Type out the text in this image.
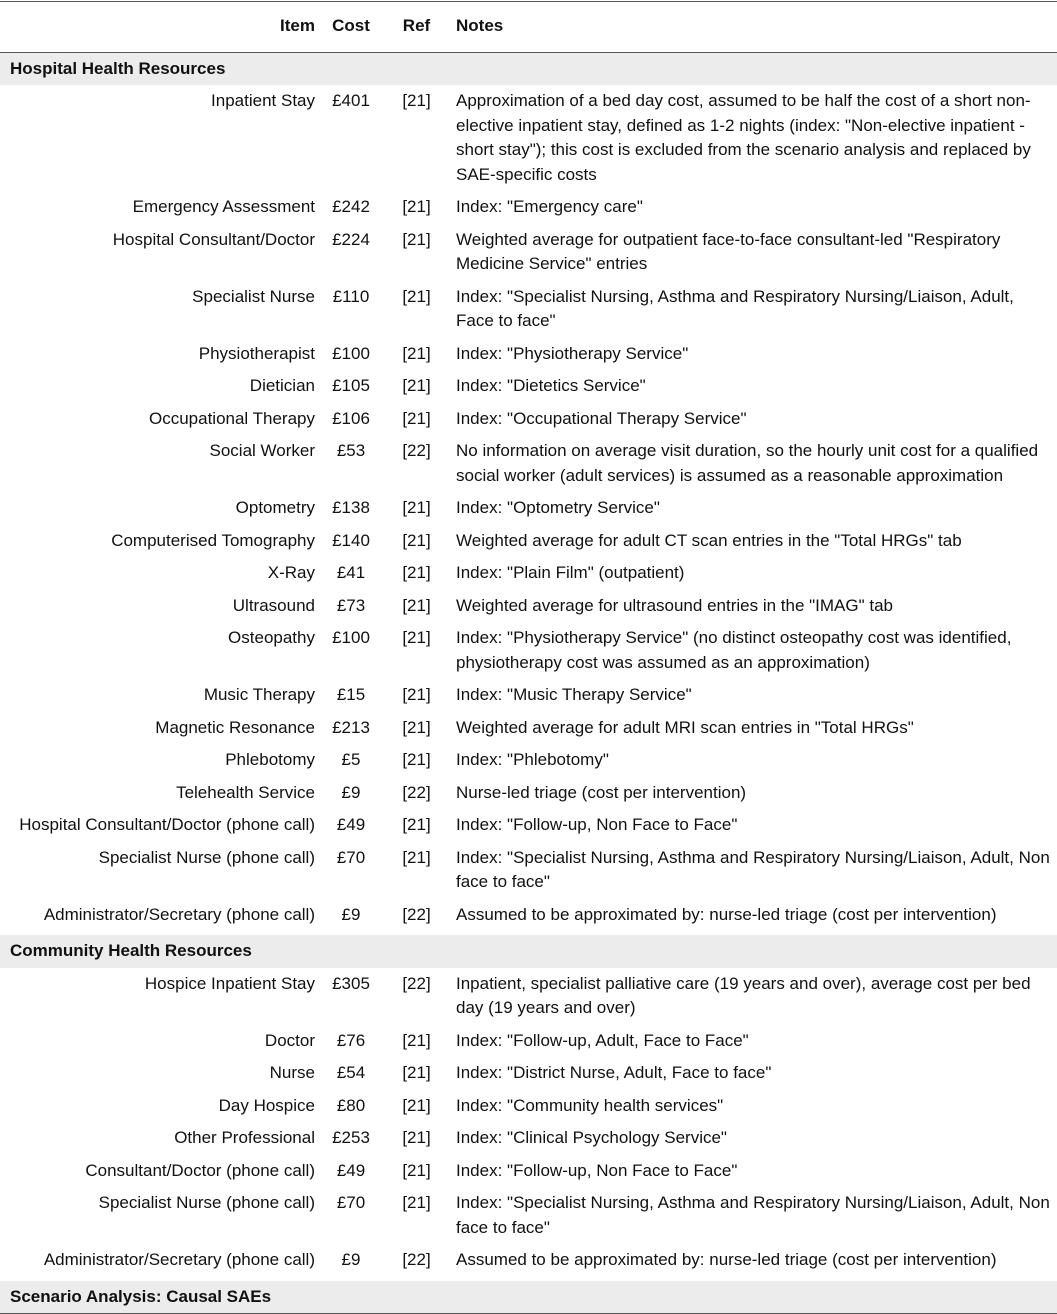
Item	Cost	Ref	Notes
Hospital Health Resources			
Inpatient Stay	£401	[21]	Approximation of a bed day cost, assumed to be half the cost of a short non-elective inpatient stay, defined as 1-2 nights (index: "Non-elective inpatient - short stay"); this cost is excluded from the scenario analysis and replaced by SAE-specific costs
Emergency Assessment	£242	[21]	Index: "Emergency care"
Hospital Consultant/Doctor	£224	[21]	Weighted average for outpatient face-to-face consultant-led "Respiratory Medicine Service" entries
Specialist Nurse	£110	[21]	Index: "Specialist Nursing, Asthma and Respiratory Nursing/Liaison, Adult, Face to face"
Physiotherapist	£100	[21]	Index: "Physiotherapy Service"
Dietician	£105	[21]	Index: "Dietetics Service"
Occupational Therapy	£106	[21]	Index: "Occupational Therapy Service"
Social Worker	£53	[22]	No information on average visit duration, so the hourly unit cost for a qualified social worker (adult services) is assumed as a reasonable approximation
Optometry	£138	[21]	Index: "Optometry Service"
Computerised Tomography	£140	[21]	Weighted average for adult CT scan entries in the "Total HRGs" tab
X-Ray	£41	[21]	Index: "Plain Film" (outpatient)
Ultrasound	£73	[21]	Weighted average for ultrasound entries in the "IMAG" tab
Osteopathy	£100	[21]	Index: "Physiotherapy Service" (no distinct osteopathy cost was identified, physiotherapy cost was assumed as an approximation)
Music Therapy	£15	[21]	Index: "Music Therapy Service"
Magnetic Resonance	£213	[21]	Weighted average for adult MRI scan entries in "Total HRGs"
Phlebotomy	£5	[21]	Index: "Phlebotomy"
Telehealth Service	£9	[22]	Nurse-led triage (cost per intervention)
Hospital Consultant/Doctor (phone call)	£49	[21]	Index: "Follow-up, Non Face to Face"
Specialist Nurse (phone call)	£70	[21]	Index: "Specialist Nursing, Asthma and Respiratory Nursing/Liaison, Adult, Non face to face"
Administrator/Secretary (phone call)	£9	[22]	Assumed to be approximated by: nurse-led triage (cost per intervention)
Community Health Resources			
Hospice Inpatient Stay	£305	[22]	Inpatient, specialist palliative care (19 years and over), average cost per bed day (19 years and over)
Doctor	£76	[21]	Index: "Follow-up, Adult, Face to Face"
Nurse	£54	[21]	Index: "District Nurse, Adult, Face to face"
Day Hospice	£80	[21]	Index: "Community health services"
Other Professional	£253	[21]	Index: "Clinical Psychology Service"
Consultant/Doctor (phone call)	£49	[21]	Index: "Follow-up, Non Face to Face"
Specialist Nurse (phone call)	£70	[21]	Index: "Specialist Nursing, Asthma and Respiratory Nursing/Liaison, Adult, Non face to face"
Administrator/Secretary (phone call)	£9	[22]	Assumed to be approximated by: nurse-led triage (cost per intervention)
Scenario Analysis: Causal SAEs			
